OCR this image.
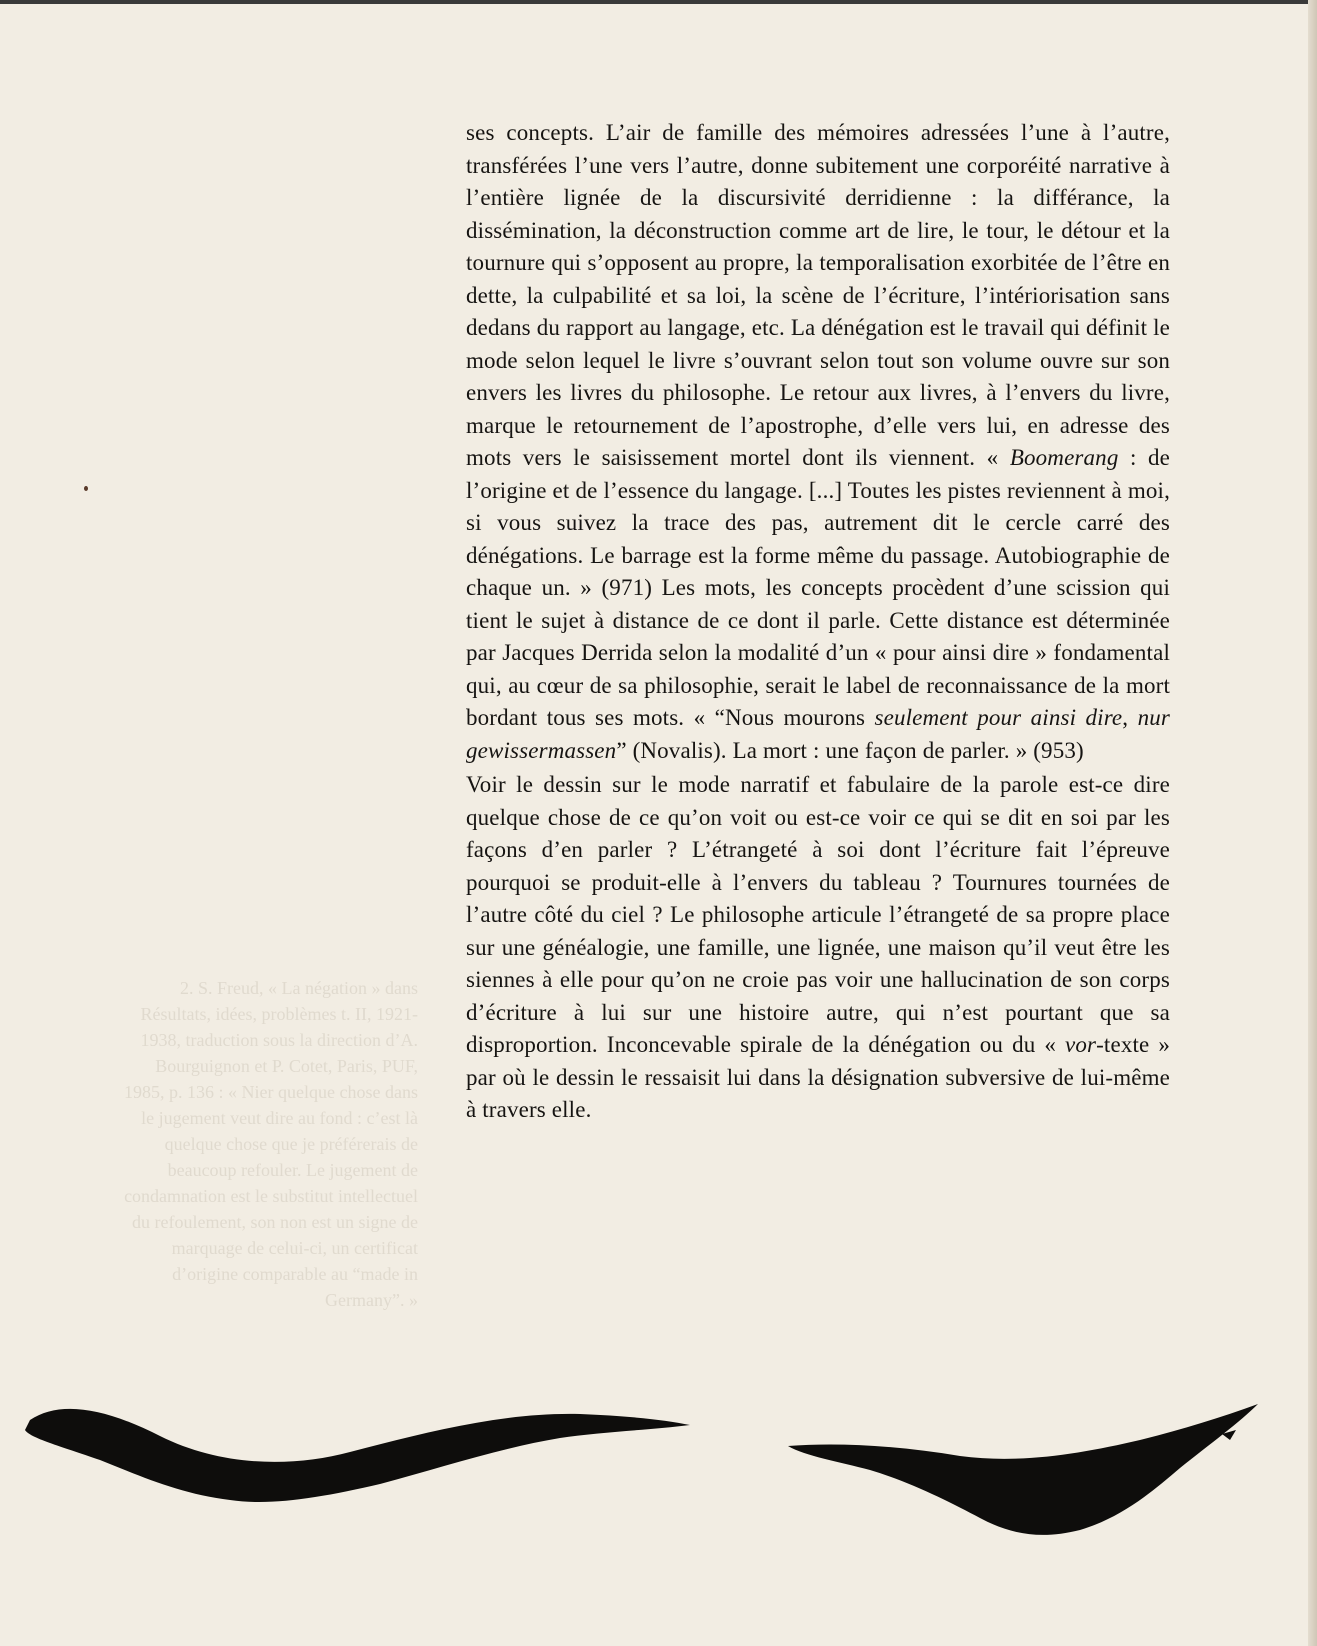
2. S. Freud, « La négation » dans Résultats, idées, problèmes t. II, 1921-1938, traduction sous la direction d’A. Bourguignon et P. Cotet, Paris, PUF, 1985, p. 136 : « Nier quelque chose dans le jugement veut dire au fond : c’est là quelque chose que je préférerais de beaucoup refouler. Le jugement de condamnation est le substitut intellectuel du refoulement, son non est un signe de marquage de celui-ci, un certificat d’origine comparable au “made in Germany”. »

ses concepts. L’air de famille des mémoires adressées l’une à l’autre, transférées l’une vers l’autre, donne subitement une corporéité narrative à l’entière lignée de la discursivité derridienne : la différance, la dissémination, la déconstruction comme art de lire, le tour, le détour et la tournure qui s’opposent au propre, la temporalisation exorbitée de l’être en dette, la culpabilité et sa loi, la scène de l’écriture, l’intériorisation sans dedans du rapport au langage, etc. La dénégation est le travail qui définit le mode selon lequel le livre s’ouvrant selon tout son volume ouvre sur son envers les livres du philosophe. Le retour aux livres, à l’envers du livre, marque le retournement de l’apostrophe, d’elle vers lui, en adresse des mots vers le saisissement mortel dont ils viennent. « Boomerang : de l’origine et de l’essence du langage. [...] Toutes les pistes reviennent à moi, si vous suivez la trace des pas, autrement dit le cercle carré des dénégations. Le barrage est la forme même du passage. Autobiographie de chaque un. » (971) Les mots, les concepts procèdent d’une scission qui tient le sujet à distance de ce dont il parle. Cette distance est déterminée par Jacques Derrida selon la modalité d’un « pour ainsi dire » fondamental qui, au cœur de sa philosophie, serait le label de reconnaissance de la mort bordant tous ses mots. « “Nous mourons seulement pour ainsi dire, nur gewissermassen” (Novalis). La mort : une façon de parler. » (953)

Voir le dessin sur le mode narratif et fabulaire de la parole est-ce dire quelque chose de ce qu’on voit ou est-ce voir ce qui se dit en soi par les façons d’en parler ? L’étrangeté à soi dont l’écriture fait l’épreuve pourquoi se produit-elle à l’envers du tableau ? Tournures tournées de l’autre côté du ciel ? Le philosophe articule l’étrangeté de sa propre place sur une généalogie, une famille, une lignée, une maison qu’il veut être les siennes à elle pour qu’on ne croie pas voir une hallucination de son corps d’écriture à lui sur une histoire autre, qui n’est pourtant que sa disproportion. Inconcevable spirale de la dénégation ou du « vor-texte » par où le dessin le ressaisit lui dans la désignation subversive de lui-même à travers elle.
